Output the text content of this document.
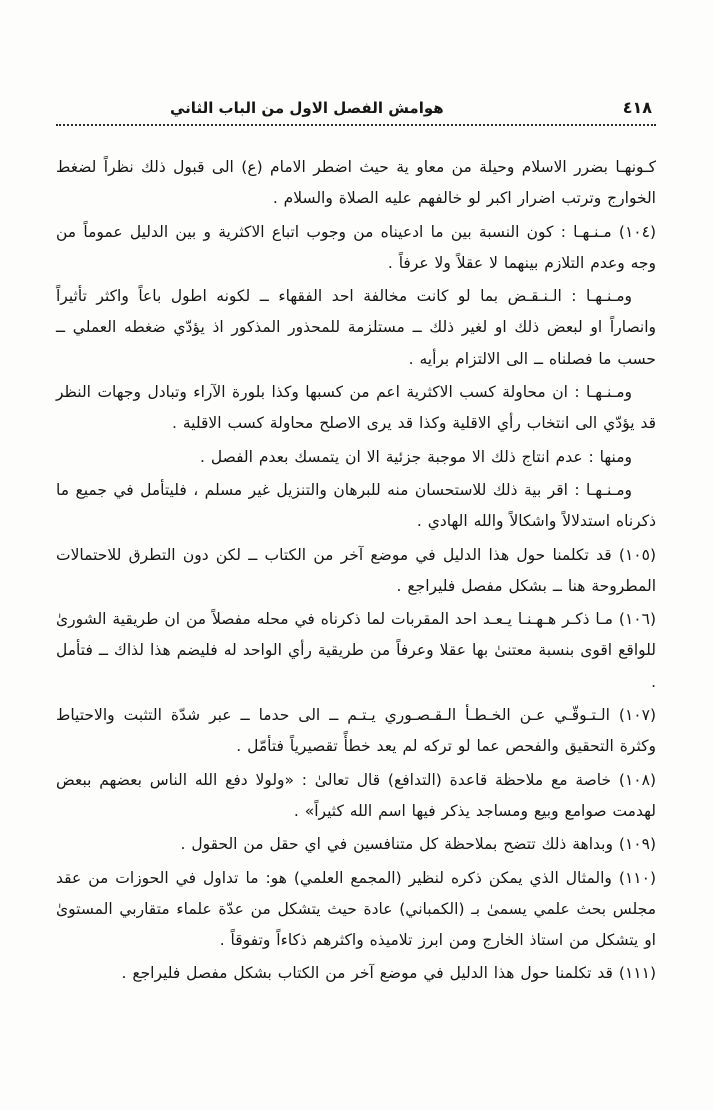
٤١٨
هوامش الفصل الاول من الباب الثاني
كـونهـا بضرر الاسلام وحيلة من معاو ية حيث اضطر الامام (ع) الى قبول ذلك نظراً لضغط الخوارج وترتب اضرار اكبر لو خالفهم عليه الصلاة والسلام .
(١٠٤) مـنـهـا : كون النسبة بين ما ادعيناه من وجوب اتباع الاكثرية و بين الدليل عموماً من وجه وعدم التلازم بينهما لا عقلاً ولا عرفاً .
ومـنـهـا : الـنـقـض بما لو كانت مخالفة احد الفقهاء ــ لكونه اطول باعاً واكثر تأثيراً وانصاراً او لبعض ذلك او لغير ذلك ــ مستلزمة للمحذور المذكور اذ يؤدّي ضغطه العملي ــ حسب ما فصلناه ــ الى الالتزام برأيه .
ومـنـهـا : ان محاولة كسب الاكثرية اعم من كسبها وكذا بلورة الآراء وتبادل وجهات النظر قد يؤدّي الى انتخاب رأي الاقلية وكذا قد يرى الاصلح محاولة كسب الاقلية .
ومنها : عدم انتاج ذلك الا موجبة جزئية الا ان يتمسك بعدم الفصل .
ومـنـهـا : اقر بية ذلك للاستحسان منه للبرهان والتنزيل غير مسلم ، فليتأمل في جميع ما ذكرناه استدلالاً واشكالاً والله الهادي .
(١٠٥) قد تكلمنا حول هذا الدليل في موضع آخر من الكتاب ــ لكن دون التطرق للاحتمالات المطروحة هنا ــ بشكل مفصل فليراجع .
(١٠٦) مـا ذكـر هـهـنـا يـعـد احد المقربات لما ذكرناه في محله مفصلاً من ان طريقية الشورىٰ للواقع اقوى بنسبة معتنىٰ بها عقلا وعرفاً من طريقية رأي الواحد له فليضم هذا لذاك ــ فتأمل .
(١٠٧) الـتـوقّـي عـن الخـطـأ الـقـصـوري يـتـم ــ الى حدما ــ عبر شدّة التثبت والاحتياط وكثرة التحقيق والفحص عما لو تركه لم يعد خطأً تقصيرياً فتأمّل .
(١٠٨) خاصة مع ملاحظة قاعدة (التدافع) قال تعالىٰ : «ولولا دفع الله الناس بعضهم ببعض لهدمت صوامع وبيع ومساجد يذكر فيها اسم الله كثيراً» .
(١٠٩) وبداهة ذلك تتضح بملاحظة كل متنافسين في اي حقل من الحقول .
(١١٠) والمثال الذي يمكن ذكره لنظير (المجمع العلمي) هو: ما تداول في الحوزات من عقد مجلس بحث علمي يسمىٰ بـ (الكمباني) عادة حيث يتشكل من عدّة علماء متقاربي المستوىٰ او يتشكل من استاذ الخارج ومن ابرز تلاميذه واكثرهم ذكاءاً وتفوقاً .
(١١١) قد تكلمنا حول هذا الدليل في موضع آخر من الكتاب بشكل مفصل فليراجع .
